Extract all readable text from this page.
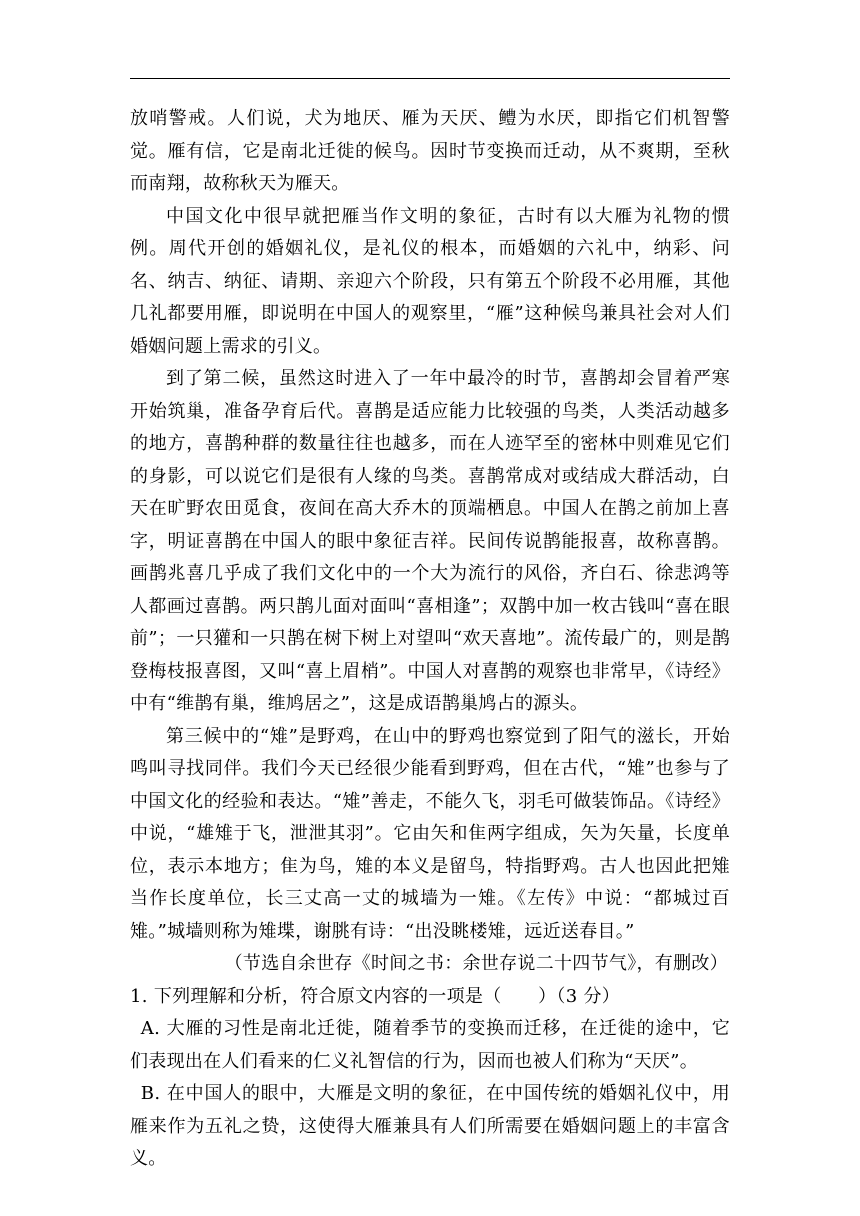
放哨警戒。人们说，犬为地厌、雁为天厌、鳢为水厌，即指它们机智警觉。雁有信，它是南北迁徙的候鸟。因时节变换而迁动，从不爽期，至秋而南翔，故称秋天为雁天。

中国文化中很早就把雁当作文明的象征，古时有以大雁为礼物的惯例。周代开创的婚姻礼仪，是礼仪的根本，而婚姻的六礼中，纳彩、问名、纳吉、纳征、请期、亲迎六个阶段，只有第五个阶段不必用雁，其他几礼都要用雁，即说明在中国人的观察里，“雁”这种候鸟兼具社会对人们婚姻问题上需求的引义。

到了第二候，虽然这时进入了一年中最冷的时节，喜鹊却会冒着严寒开始筑巢，准备孕育后代。喜鹊是适应能力比较强的鸟类，人类活动越多的地方，喜鹊种群的数量往往也越多，而在人迹罕至的密林中则难见它们的身影，可以说它们是很有人缘的鸟类。喜鹊常成对或结成大群活动，白天在旷野农田觅食，夜间在高大乔木的顶端栖息。中国人在鹊之前加上喜字，明证喜鹊在中国人的眼中象征吉祥。民间传说鹊能报喜，故称喜鹊。画鹊兆喜几乎成了我们文化中的一个大为流行的风俗，齐白石、徐悲鸿等人都画过喜鹊。两只鹊儿面对面叫“喜相逢”；双鹊中加一枚古钱叫“喜在眼前”；一只獾和一只鹊在树下树上对望叫“欢天喜地”。流传最广的，则是鹊登梅枝报喜图，又叫“喜上眉梢”。中国人对喜鹊的观察也非常早，《诗经》中有“维鹊有巢，维鸠居之”，这是成语鹊巢鸠占的源头。

第三候中的“雉”是野鸡，在山中的野鸡也察觉到了阳气的滋长，开始鸣叫寻找同伴。我们今天已经很少能看到野鸡，但在古代，“雉”也参与了中国文化的经验和表达。“雉”善走，不能久飞，羽毛可做装饰品。《诗经》中说，“雄雉于飞，泄泄其羽”。它由矢和隹两字组成，矢为矢量，长度单位，表示本地方；隹为鸟，雉的本义是留鸟，特指野鸡。古人也因此把雉当作长度单位，长三丈高一丈的城墙为一雉。《左传》中说：“都城过百雉。”城墙则称为雉堞，谢朓有诗：“出没眺楼雉，远近送春目。”

（节选自余世存《时间之书：余世存说二十四节气》，有删改）

1. 下列理解和分析，符合原文内容的一项是（　　）（3 分）

A. 大雁的习性是南北迁徙，随着季节的变换而迁移，在迁徙的途中，它们表现出在人们看来的仁义礼智信的行为，因而也被人们称为“天厌”。

B. 在中国人的眼中，大雁是文明的象征，在中国传统的婚姻礼仪中，用雁来作为五礼之贽，这使得大雁兼具有人们所需要在婚姻问题上的丰富含义。
